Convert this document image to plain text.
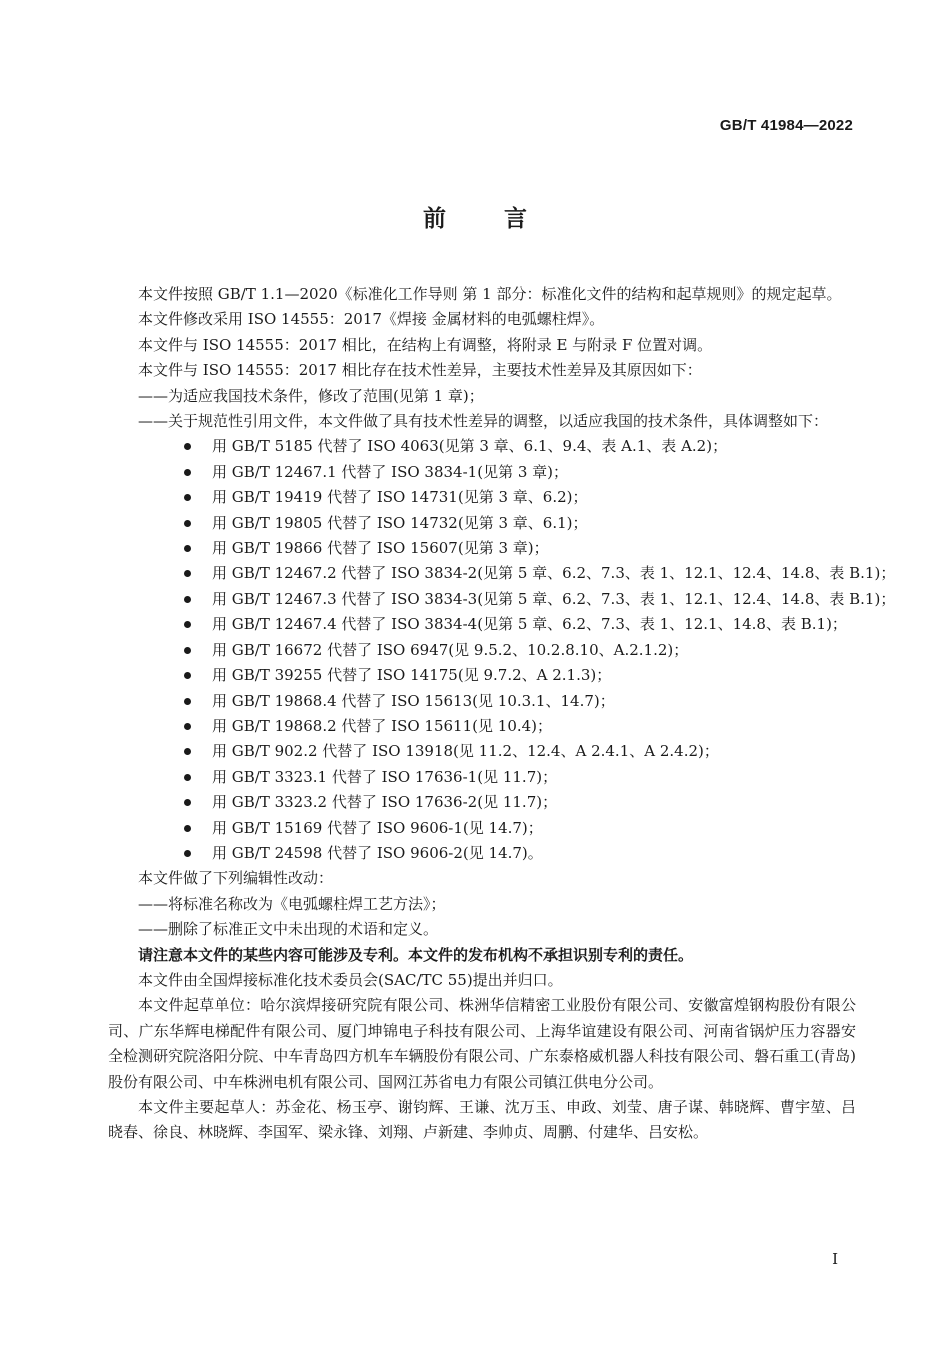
GB/T 41984—2022
前言

本文件按照 GB/T 1.1—2020《标准化工作导则 第 1 部分：标准化文件的结构和起草规则》的规定起草。

本文件修改采用 ISO 14555：2017《焊接 金属材料的电弧螺柱焊》。

本文件与 ISO 14555：2017 相比，在结构上有调整，将附录 E 与附录 F 位置对调。

本文件与 ISO 14555：2017 相比存在技术性差异，主要技术性差异及其原因如下：

——为适应我国技术条件，修改了范围(见第 1 章)；

——关于规范性引用文件，本文件做了具有技术性差异的调整，以适应我国的技术条件，具体调整如下：

用 GB/T 5185 代替了 ISO 4063(见第 3 章、6.1、9.4、表 A.1、表 A.2)；
用 GB/T 12467.1 代替了 ISO 3834-1(见第 3 章)；
用 GB/T 19419 代替了 ISO 14731(见第 3 章、6.2)；
用 GB/T 19805 代替了 ISO 14732(见第 3 章、6.1)；
用 GB/T 19866 代替了 ISO 15607(见第 3 章)；
用 GB/T 12467.2 代替了 ISO 3834-2(见第 5 章、6.2、7.3、表 1、12.1、12.4、14.8、表 B.1)；
用 GB/T 12467.3 代替了 ISO 3834-3(见第 5 章、6.2、7.3、表 1、12.1、12.4、14.8、表 B.1)；
用 GB/T 12467.4 代替了 ISO 3834-4(见第 5 章、6.2、7.3、表 1、12.1、14.8、表 B.1)；
用 GB/T 16672 代替了 ISO 6947(见 9.5.2、10.2.8.10、A.2.1.2)；
用 GB/T 39255 代替了 ISO 14175(见 9.7.2、A 2.1.3)；
用 GB/T 19868.4 代替了 ISO 15613(见 10.3.1、14.7)；
用 GB/T 19868.2 代替了 ISO 15611(见 10.4)；
用 GB/T 902.2 代替了 ISO 13918(见 11.2、12.4、A 2.4.1、A 2.4.2)；
用 GB/T 3323.1 代替了 ISO 17636-1(见 11.7)；
用 GB/T 3323.2 代替了 ISO 17636-2(见 11.7)；
用 GB/T 15169 代替了 ISO 9606-1(见 14.7)；
用 GB/T 24598 代替了 ISO 9606-2(见 14.7)。

本文件做了下列编辑性改动：

——将标准名称改为《电弧螺柱焊工艺方法》；

——删除了标准正文中未出现的术语和定义。

请注意本文件的某些内容可能涉及专利。本文件的发布机构不承担识别专利的责任。

本文件由全国焊接标准化技术委员会(SAC/TC 55)提出并归口。

本文件起草单位：哈尔滨焊接研究院有限公司、株洲华信精密工业股份有限公司、安徽富煌钢构股份有限公司、广东华辉电梯配件有限公司、厦门坤锦电子科技有限公司、上海华谊建设有限公司、河南省锅炉压力容器安全检测研究院洛阳分院、中车青岛四方机车车辆股份有限公司、广东泰格威机器人科技有限公司、磐石重工(青岛)股份有限公司、中车株洲电机有限公司、国网江苏省电力有限公司镇江供电分公司。

本文件主要起草人：苏金花、杨玉亭、谢钧辉、王谦、沈万玉、申政、刘莹、唐子谋、韩晓辉、曹宇堃、吕晓春、徐良、林晓辉、李国军、梁永锋、刘翔、卢新建、李帅贞、周鹏、付建华、吕安松。

I
